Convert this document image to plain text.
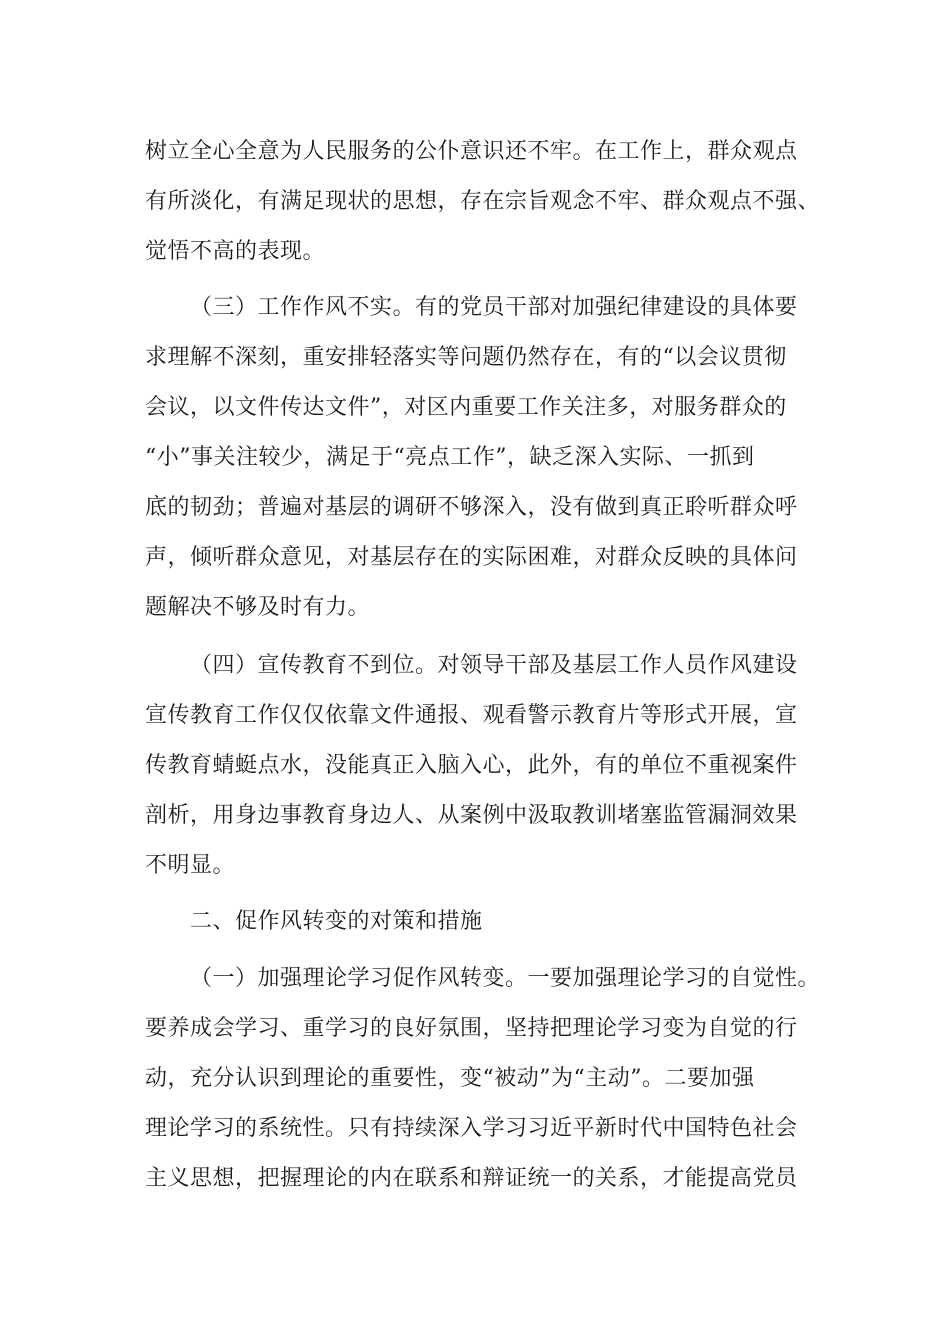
树立全心全意为人民服务的公仆意识还不牢。在工作上，群众观点
有所淡化，有满足现状的思想，存在宗旨观念不牢、群众观点不强、
觉悟不高的表现。
（三）工作作风不实。有的党员干部对加强纪律建设的具体要
求理解不深刻，重安排轻落实等问题仍然存在，有的“以会议贯彻
会议，以文件传达文件”，对区内重要工作关注多，对服务群众的
“小”事关注较少，满足于“亮点工作”，缺乏深入实际、一抓到
底的韧劲；普遍对基层的调研不够深入，没有做到真正聆听群众呼
声，倾听群众意见，对基层存在的实际困难，对群众反映的具体问
题解决不够及时有力。
（四）宣传教育不到位。对领导干部及基层工作人员作风建设
宣传教育工作仅仅依靠文件通报、观看警示教育片等形式开展，宣
传教育蜻蜓点水，没能真正入脑入心，此外，有的单位不重视案件
剖析，用身边事教育身边人、从案例中汲取教训堵塞监管漏洞效果
不明显。
二、促作风转变的对策和措施
（一）加强理论学习促作风转变。一要加强理论学习的自觉性。
要养成会学习、重学习的良好氛围，坚持把理论学习变为自觉的行
动，充分认识到理论的重要性，变“被动”为“主动”。二要加强
理论学习的系统性。只有持续深入学习习近平新时代中国特色社会
主义思想，把握理论的内在联系和辩证统一的关系，才能提高党员
